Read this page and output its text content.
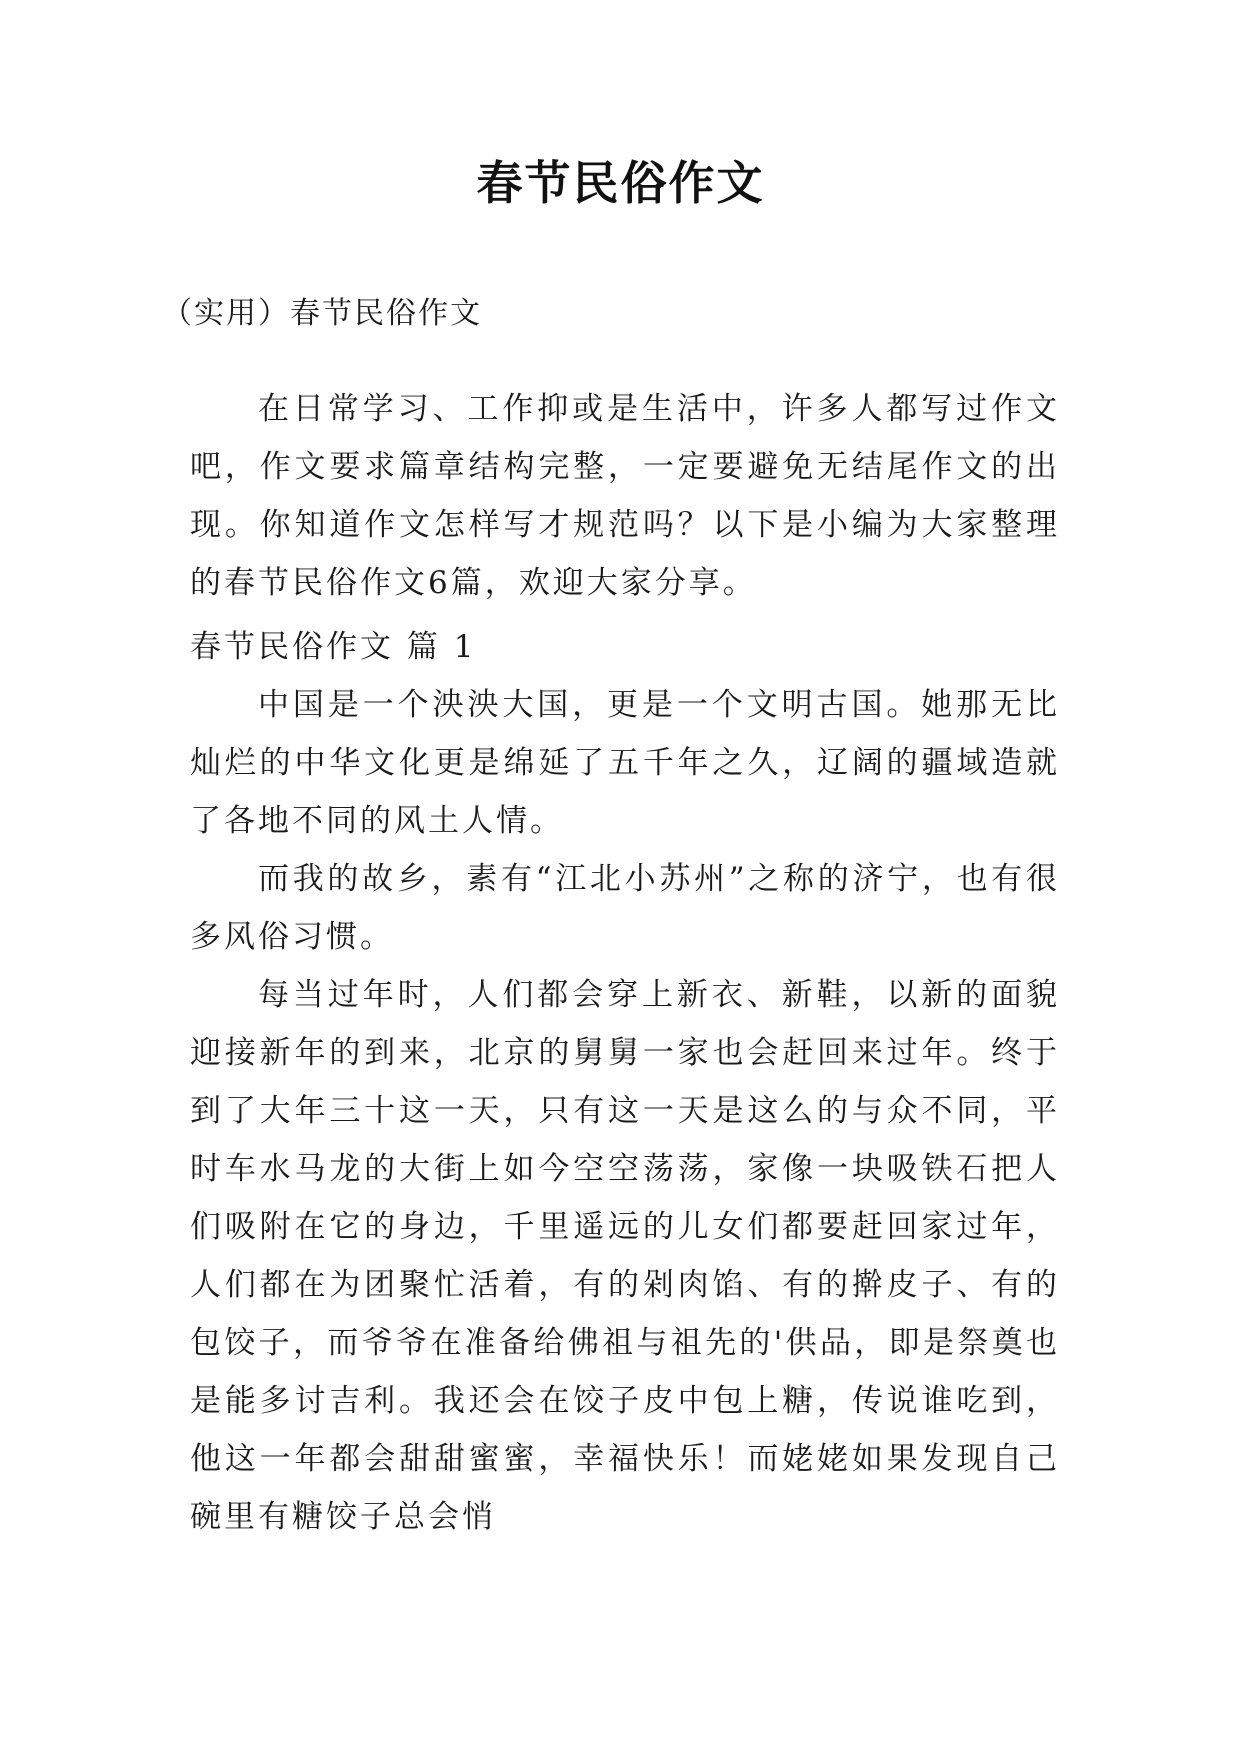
春节民俗作文

（实用）春节民俗作文

在日常学习、工作抑或是生活中，许多人都写过作文吧，作文要求篇章结构完整，一定要避免无结尾作文的出现。你知道作文怎样写才规范吗？以下是小编为大家整理的春节民俗作文6篇，欢迎大家分享。

春节民俗作文 篇 1

中国是一个泱泱大国，更是一个文明古国。她那无比灿烂的中华文化更是绵延了五千年之久，辽阔的疆域造就了各地不同的风土人情。

而我的故乡，素有“江北小苏州”之称的济宁，也有很多风俗习惯。

每当过年时，人们都会穿上新衣、新鞋，以新的面貌迎接新年的到来，北京的舅舅一家也会赶回来过年。终于到了大年三十这一天，只有这一天是这么的与众不同，平时车水马龙的大街上如今空空荡荡，家像一块吸铁石把人们吸附在它的身边，千里遥远的儿女们都要赶回家过年，人们都在为团聚忙活着，有的剁肉馅、有的擀皮子、有的包饺子，而爷爷在准备给佛祖与祖先的'供品，即是祭奠也是能多讨吉利。我还会在饺子皮中包上糖，传说谁吃到，他这一年都会甜甜蜜蜜，幸福快乐！而姥姥如果发现自己碗里有糖饺子总会悄
